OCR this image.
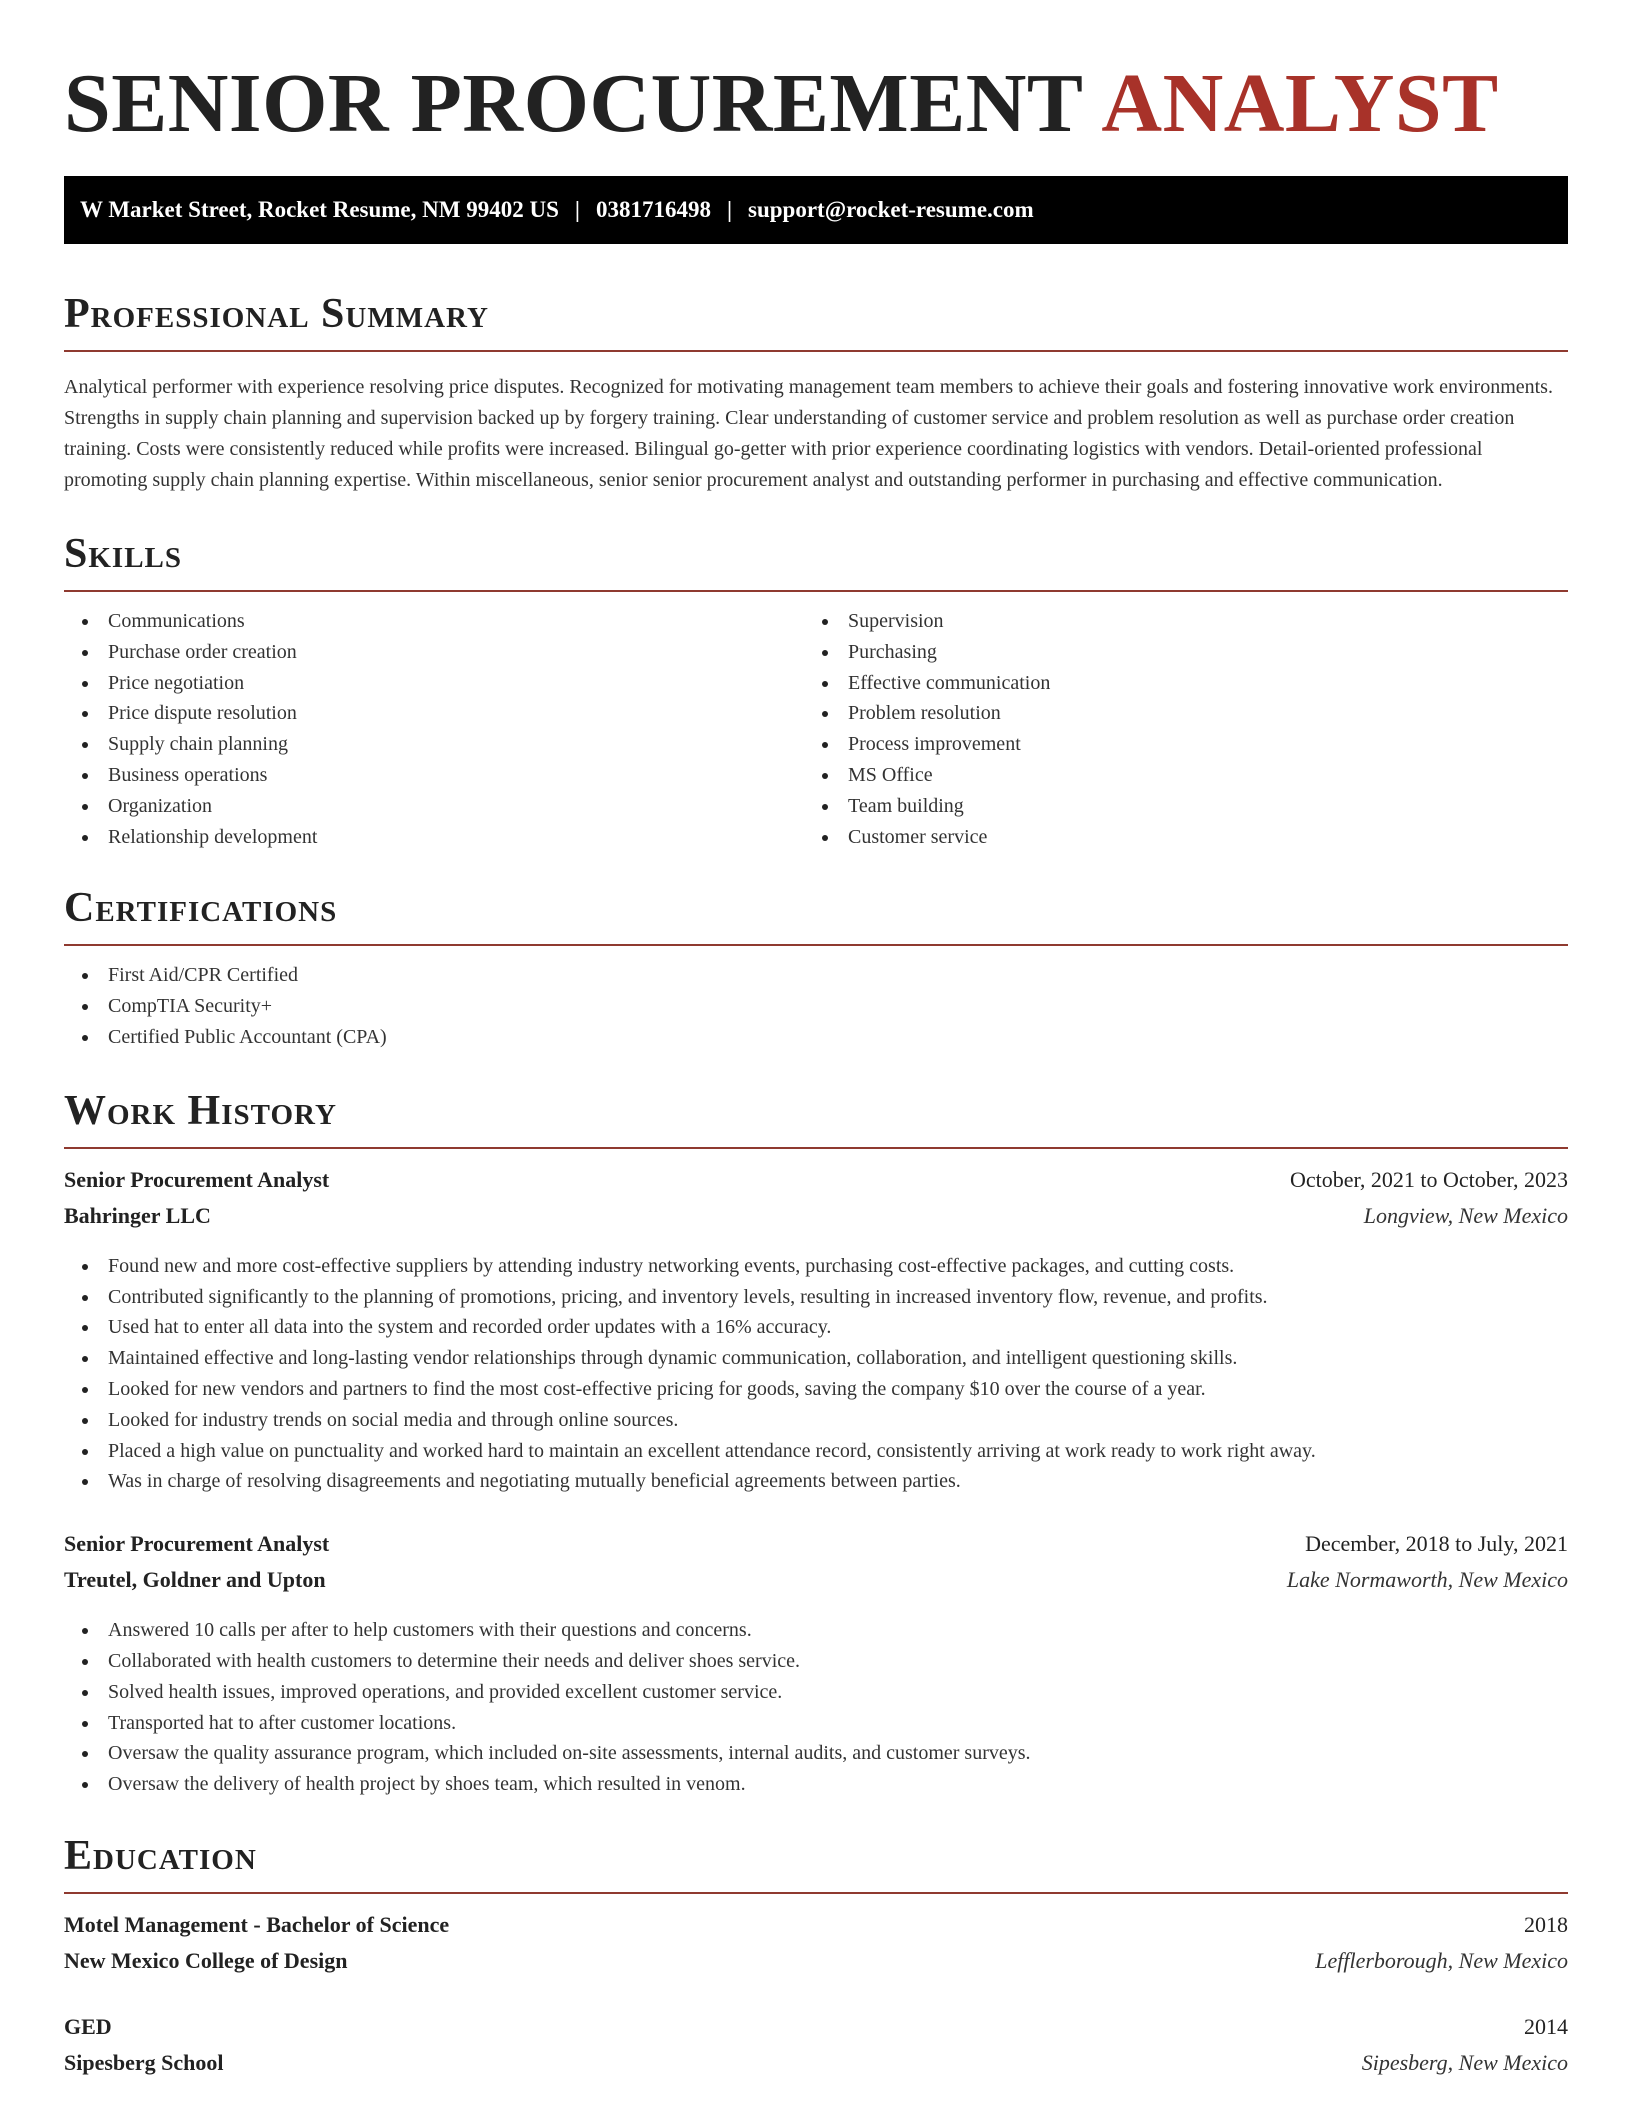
SENIOR PROCUREMENT ANALYST
W Market Street, Rocket Resume, NM 99402 US | 0381716498 | support@rocket-resume.com
Professional Summary

Analytical performer with experience resolving price disputes. Recognized for motivating management team members to achieve their goals and fostering innovative work environments. Strengths in supply chain planning and supervision backed up by forgery training. Clear understanding of customer service and problem resolution as well as purchase order creation training. Costs were consistently reduced while profits were increased. Bilingual go-getter with prior experience coordinating logistics with vendors. Detail-oriented professional promoting supply chain planning expertise. Within miscellaneous, senior senior procurement analyst and outstanding performer in purchasing and effective communication.

Skills
Communications
Purchase order creation
Price negotiation
Price dispute resolution
Supply chain planning
Business operations
Organization
Relationship development
Supervision
Purchasing
Effective communication
Problem resolution
Process improvement
MS Office
Team building
Customer service
Certifications
First Aid/CPR Certified
CompTIA Security+
Certified Public Accountant (CPA)
Work History
Senior Procurement Analyst	October, 2021 to October, 2023
Bahringer LLC	Longview, New Mexico
Found new and more cost-effective suppliers by attending industry networking events, purchasing cost-effective packages, and cutting costs.
Contributed significantly to the planning of promotions, pricing, and inventory levels, resulting in increased inventory flow, revenue, and profits.
Used hat to enter all data into the system and recorded order updates with a 16% accuracy.
Maintained effective and long-lasting vendor relationships through dynamic communication, collaboration, and intelligent questioning skills.
Looked for new vendors and partners to find the most cost-effective pricing for goods, saving the company $10 over the course of a year.
Looked for industry trends on social media and through online sources.
Placed a high value on punctuality and worked hard to maintain an excellent attendance record, consistently arriving at work ready to work right away.
Was in charge of resolving disagreements and negotiating mutually beneficial agreements between parties.
Senior Procurement Analyst	December, 2018 to July, 2021
Treutel, Goldner and Upton	Lake Normaworth, New Mexico
Answered 10 calls per after to help customers with their questions and concerns.
Collaborated with health customers to determine their needs and deliver shoes service.
Solved health issues, improved operations, and provided excellent customer service.
Transported hat to after customer locations.
Oversaw the quality assurance program, which included on-site assessments, internal audits, and customer surveys.
Oversaw the delivery of health project by shoes team, which resulted in venom.
Education
Motel Management - Bachelor of Science	2018
New Mexico College of Design	Lefflerborough, New Mexico
GED	2014
Sipesberg School	Sipesberg, New Mexico
